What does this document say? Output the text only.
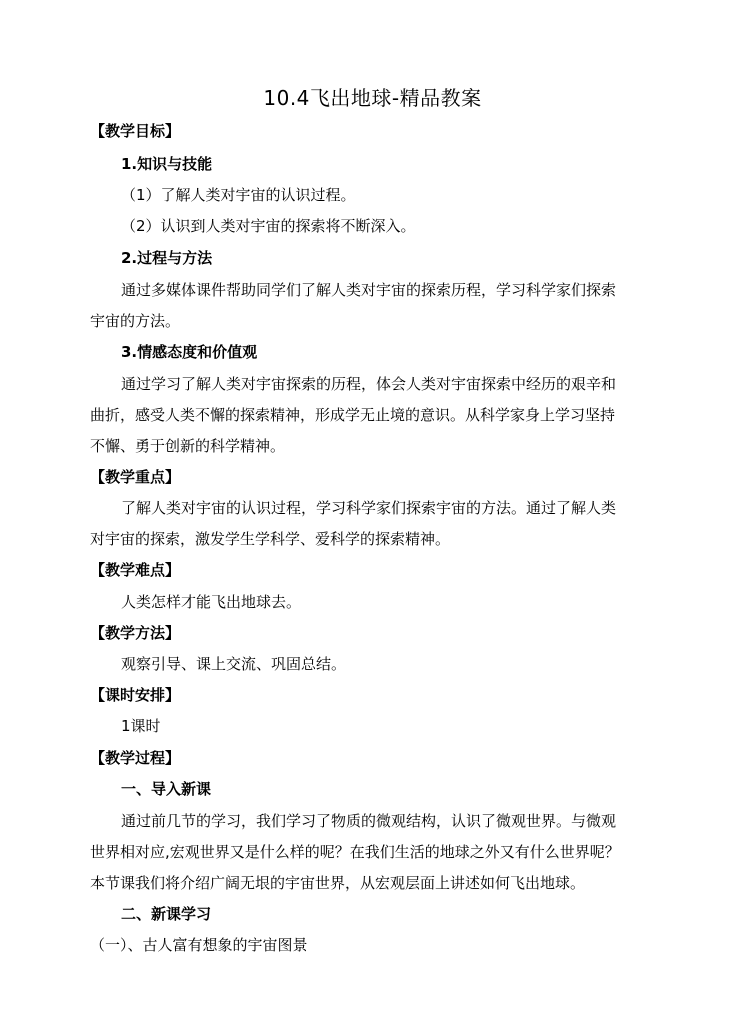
10.4飞出地球-精品教案
【教学目标】
1.知识与技能
（1）了解人类对宇宙的认识过程。
（2）认识到人类对宇宙的探索将不断深入。
2.过程与方法
通过多媒体课件帮助同学们了解人类对宇宙的探索历程，学习科学家们探索
宇宙的方法。
3.情感态度和价值观
通过学习了解人类对宇宙探索的历程，体会人类对宇宙探索中经历的艰辛和
曲折，感受人类不懈的探索精神，形成学无止境的意识。从科学家身上学习坚持
不懈、勇于创新的科学精神。
【教学重点】
了解人类对宇宙的认识过程，学习科学家们探索宇宙的方法。通过了解人类
对宇宙的探索，激发学生学科学、爱科学的探索精神。
【教学难点】
人类怎样才能飞出地球去。
【教学方法】
观察引导、课上交流、巩固总结。
【课时安排】
1课时
【教学过程】
一、导入新课
通过前几节的学习，我们学习了物质的微观结构，认识了微观世界。与微观
世界相对应,宏观世界又是什么样的呢？在我们生活的地球之外又有什么世界呢？
本节课我们将介绍广阔无垠的宇宙世界，从宏观层面上讲述如何飞出地球。
二、新课学习
（一）、古人富有想象的宇宙图景
